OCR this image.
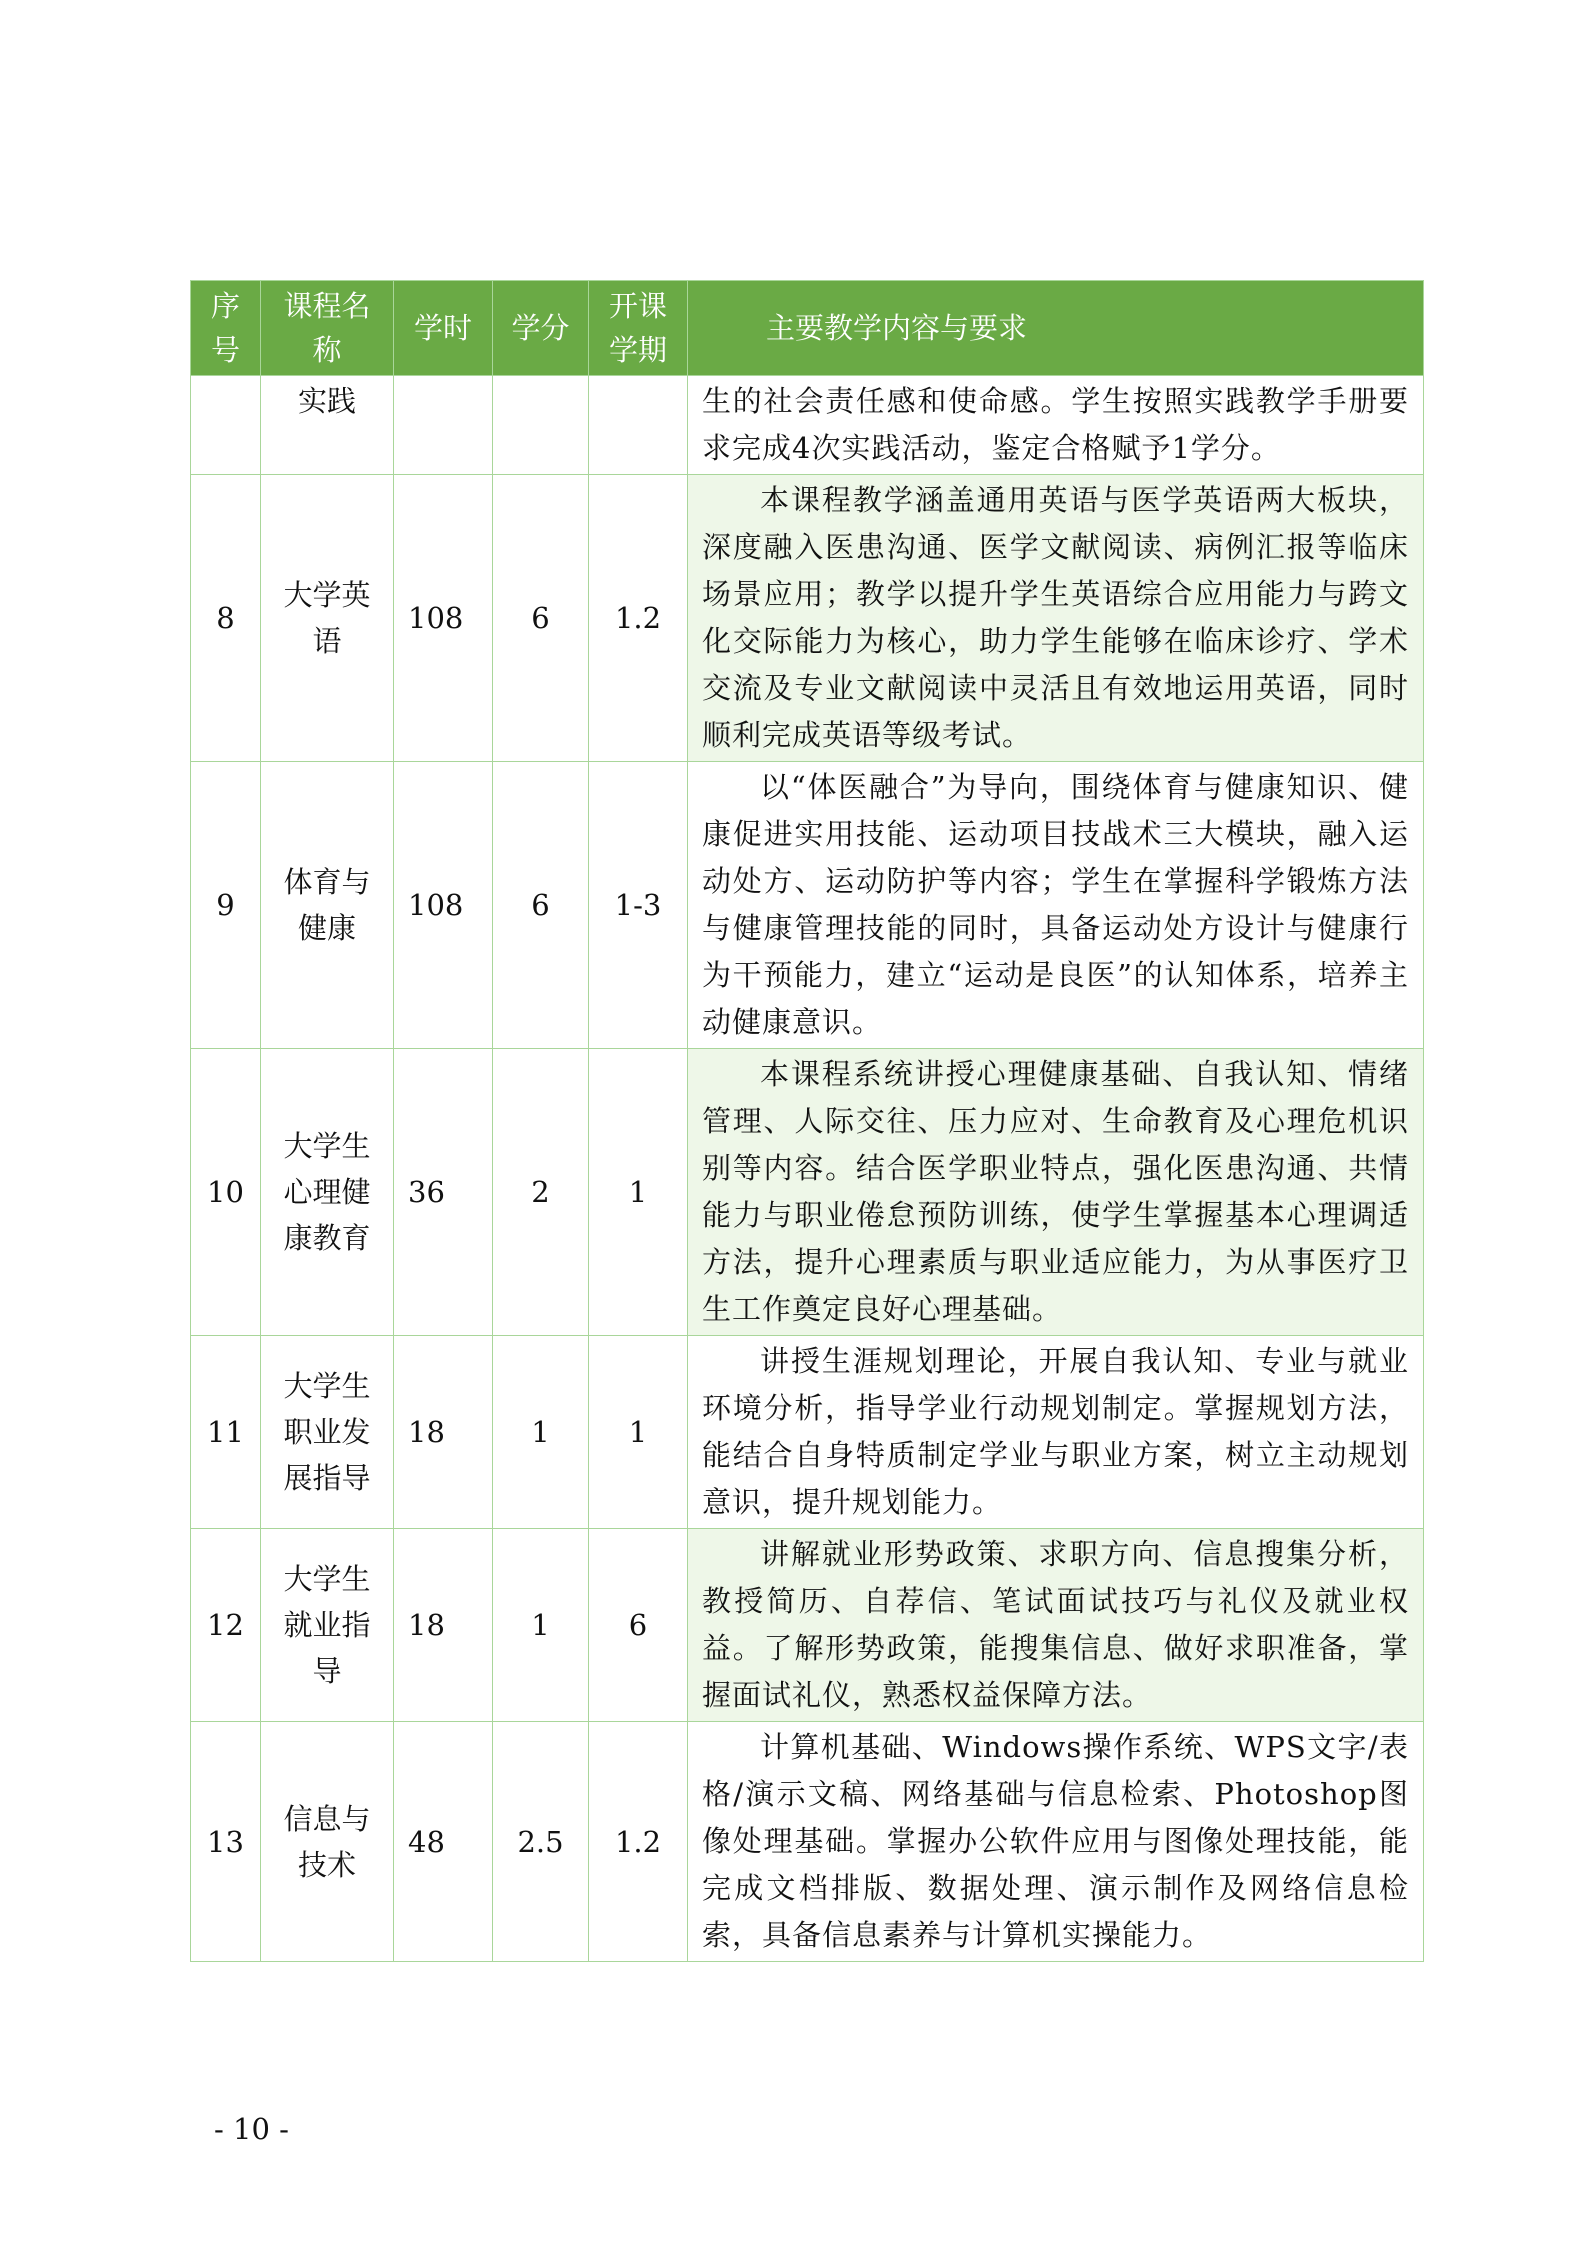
序号	课程名称	学时	学分	开课学期	主要教学内容与要求
	实践				生的社会责任感和使命感。学生按照实践教学手册要求完成4次实践活动，鉴定合格赋予1学分。
8	大学英语	108	6	1.2	本课程教学涵盖通用英语与医学英语两大板块，深度融入医患沟通、医学文献阅读、病例汇报等临床场景应用；教学以提升学生英语综合应用能力与跨文化交际能力为核心，助力学生能够在临床诊疗、学术交流及专业文献阅读中灵活且有效地运用英语，同时顺利完成英语等级考试。
9	体育与健康	108	6	1-3	以“体医融合”为导向，围绕体育与健康知识、健康促进实用技能、运动项目技战术三大模块，融入运动处方、运动防护等内容；学生在掌握科学锻炼方法与健康管理技能的同时，具备运动处方设计与健康行为干预能力，建立“运动是良医”的认知体系，培养主动健康意识。
10	大学生心理健康教育	36	2	1	本课程系统讲授心理健康基础、自我认知、情绪管理、人际交往、压力应对、生命教育及心理危机识别等内容。结合医学职业特点，强化医患沟通、共情能力与职业倦怠预防训练，使学生掌握基本心理调适方法，提升心理素质与职业适应能力，为从事医疗卫生工作奠定良好心理基础。
11	大学生职业发展指导	18	1	1	讲授生涯规划理论，开展自我认知、专业与就业环境分析，指导学业行动规划制定。掌握规划方法，能结合自身特质制定学业与职业方案，树立主动规划意识，提升规划能力。
12	大学生就业指导	18	1	6	讲解就业形势政策、求职方向、信息搜集分析，教授简历、自荐信、笔试面试技巧与礼仪及就业权益。了解形势政策，能搜集信息、做好求职准备，掌握面试礼仪，熟悉权益保障方法。
13	信息与技术	48	2.5	1.2	计算机基础、Windows操作系统、WPS文字/表格/演示文稿、网络基础与信息检索、Photoshop图像处理基础。掌握办公软件应用与图像处理技能，能完成文档排版、数据处理、演示制作及网络信息检索，具备信息素养与计算机实操能力。
- 10 -
